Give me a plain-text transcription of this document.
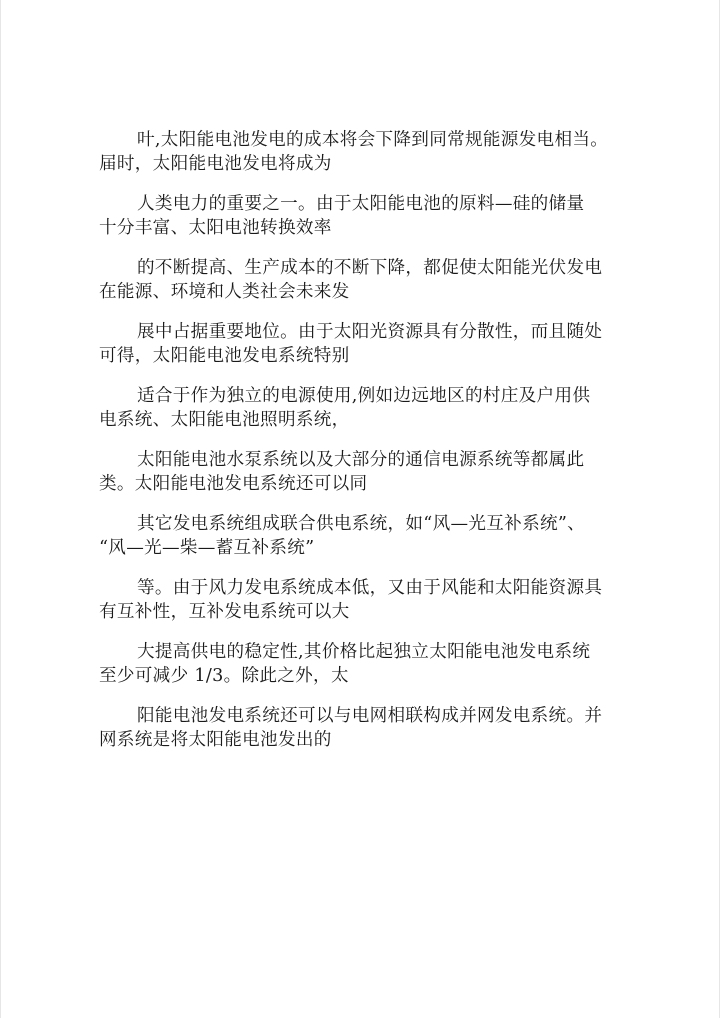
叶,太阳能电池发电的成本将会下降到同常规能源发电相当。
届时，太阳能电池发电将成为
人类电力的重要之一。由于太阳能电池的原料—硅的储量
十分丰富、太阳电池转换效率
的不断提高、生产成本的不断下降，都促使太阳能光伏发电
在能源、环境和人类社会未来发
展中占据重要地位。由于太阳光资源具有分散性，而且随处
可得，太阳能电池发电系统特别
适合于作为独立的电源使用,例如边远地区的村庄及户用供
电系统、太阳能电池照明系统，
太阳能电池水泵系统以及大部分的通信电源系统等都属此
类。太阳能电池发电系统还可以同
其它发电系统组成联合供电系统，如“风—光互补系统”、
“风—光—柴—蓄互补系统”
等。由于风力发电系统成本低，又由于风能和太阳能资源具
有互补性，互补发电系统可以大
大提高供电的稳定性,其价格比起独立太阳能电池发电系统
至少可减少 1/3。除此之外，太
阳能电池发电系统还可以与电网相联构成并网发电系统。并
网系统是将太阳能电池发出的
